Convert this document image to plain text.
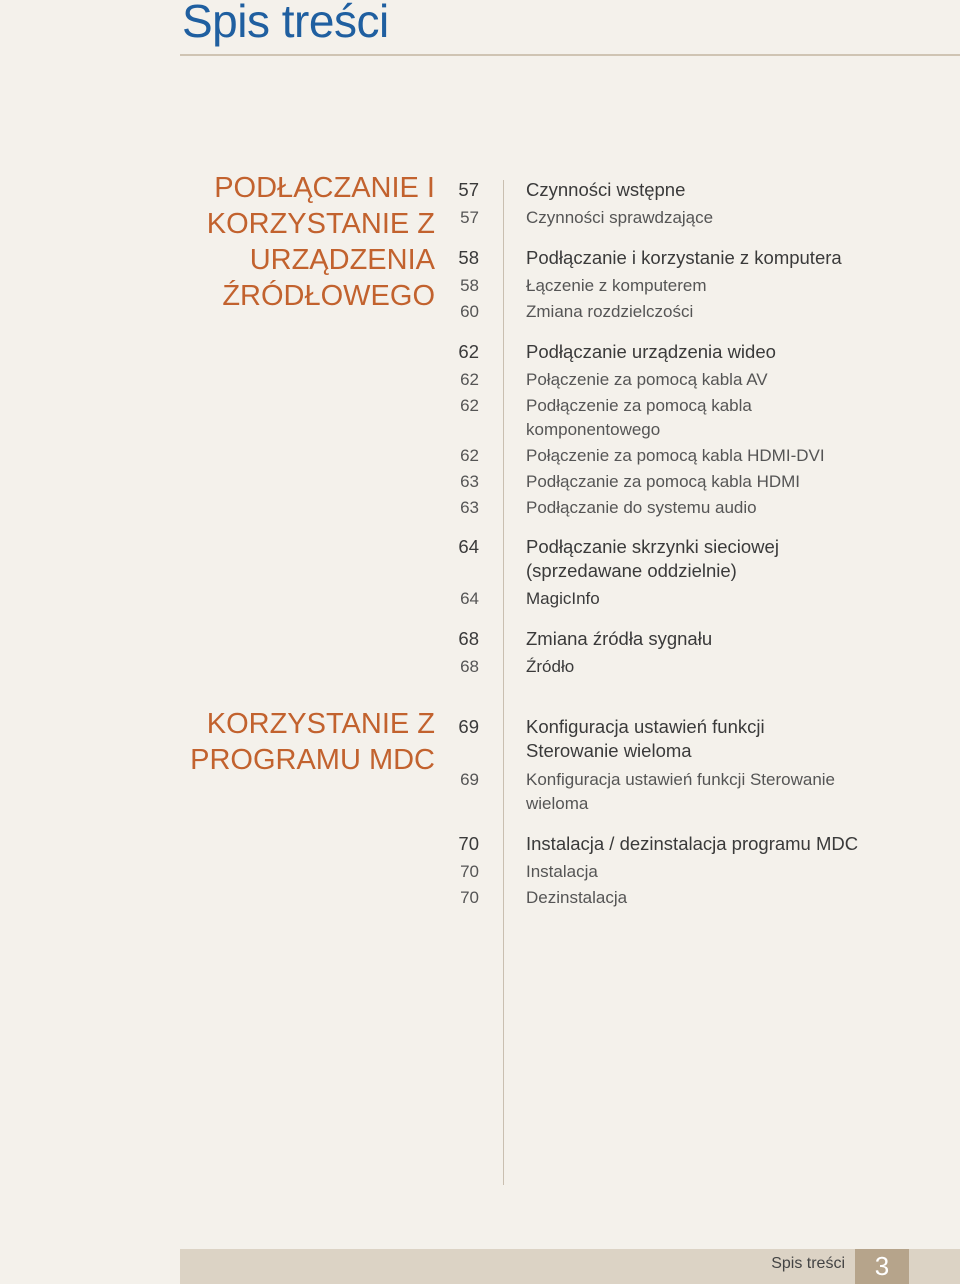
Spis treści
PODŁĄCZANIE I
KORZYSTANIE Z
URZĄDZENIA
ŹRÓDŁOWEGO
57	Czynności wstępne
57	Czynności sprawdzające
58	Podłączanie i korzystanie z komputera
58	Łączenie z komputerem
60	Zmiana rozdzielczości
62	Podłączanie urządzenia wideo
62	Połączenie za pomocą kabla AV
62	Podłączenie za pomocą kabla
komponentowego
62	Połączenie za pomocą kabla HDMI-DVI
63	Podłączanie za pomocą kabla HDMI
63	Podłączanie do systemu audio
64	Podłączanie skrzynki sieciowej
(sprzedawane oddzielnie)
64	MagicInfo
68	Zmiana źródła sygnału
68	Źródło
KORZYSTANIE Z
PROGRAMU MDC
69	Konfiguracja ustawień funkcji
Sterowanie wieloma
69	Konfiguracja ustawień funkcji Sterowanie
wieloma
70	Instalacja / dezinstalacja programu MDC
70	Instalacja
70	Dezinstalacja
Spis treści	3
